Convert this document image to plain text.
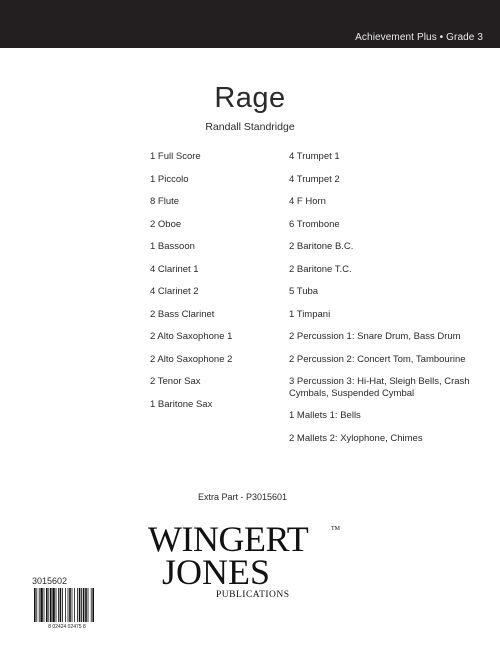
Achievement Plus • Grade 3
Rage
Randall Standridge
1 Full Score
1 Piccolo
8 Flute
2 Oboe
1 Bassoon
4 Clarinet 1
4 Clarinet 2
2 Bass Clarinet
2 Alto Saxophone 1
2 Alto Saxophone 2
2 Tenor Sax
1 Baritone Sax
4 Trumpet 1
4 Trumpet 2
4 F Horn
6 Trombone
2 Baritone B.C.
2 Baritone T.C.
5 Tuba
1 Timpani
2 Percussion 1: Snare Drum, Bass Drum
2 Percussion 2: Concert Tom, Tambourine
3 Percussion 3: Hi-Hat, Sleigh Bells, Crash Cymbals, Suspended Cymbal
1 Mallets 1: Bells
2 Mallets 2: Xylophone, Chimes
Extra Part - P3015601
WINGERT	TM
JONES
PUBLICATIONS
3015602
8 02424 02475 8
